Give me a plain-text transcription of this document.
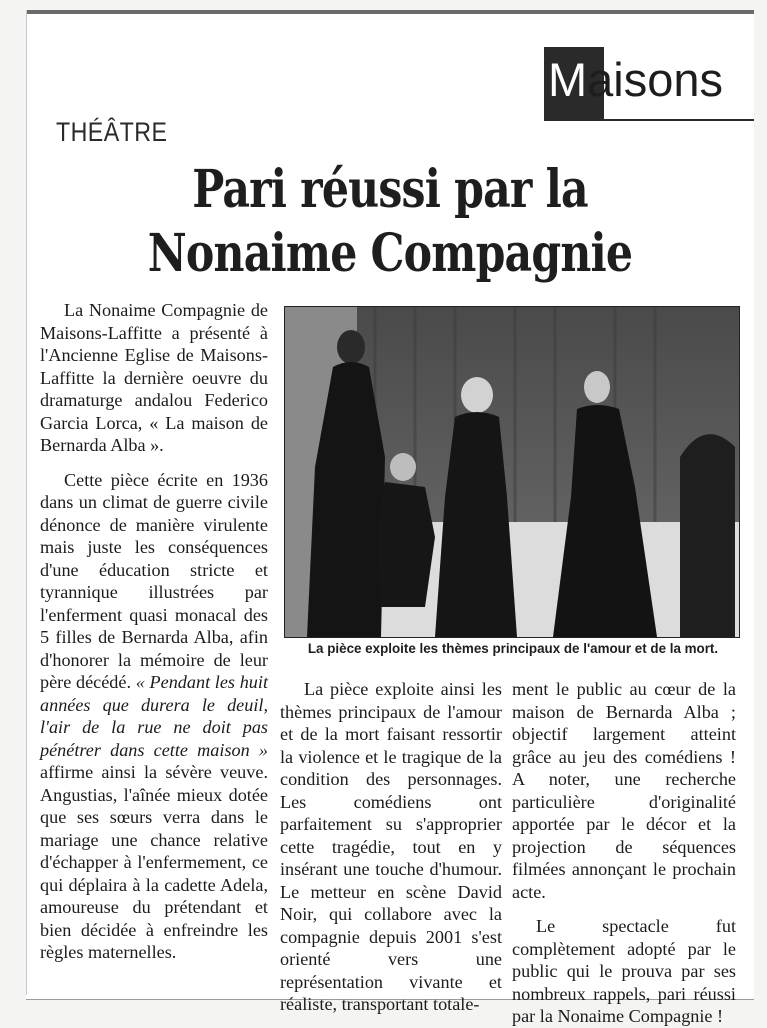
Maisons
THÉÂTRE
Pari réussi par la Nonaime Compagnie

La Nonaime Compagnie de Maisons-Laffitte a présenté à l'Ancienne Eglise de Maisons-Laffitte la dernière oeuvre du dramaturge andalou Federico Garcia Lorca, « La maison de Bernarda Alba ».

Cette pièce écrite en 1936 dans un climat de guerre civile dénonce de manière virulente mais juste les conséquences d'une éducation stricte et tyrannique illustrées par l'enferment quasi monacal des 5 filles de Bernarda Alba, afin d'honorer la mémoire de leur père décédé. « Pendant les huit années que durera le deuil, l'air de la rue ne doit pas pénétrer dans cette maison » affirme ainsi la sévère veuve. Angustias, l'aînée mieux dotée que ses sœurs verra dans le mariage une chance relative d'échapper à l'enfermement, ce qui déplaira à la cadette Adela, amoureuse du prétendant et bien décidée à enfreindre les règles maternelles.

La pièce exploite les thèmes principaux de l'amour et de la mort.

La pièce exploite ainsi les thèmes principaux de l'amour et de la mort faisant ressortir la violence et le tragique de la condition des personnages. Les comédiens ont parfaitement su s'approprier cette tragédie, tout en y insérant une touche d'humour. Le metteur en scène David Noir, qui collabore avec la compagnie depuis 2001 s'est orienté vers une représentation vivante et réaliste, transportant totale-

ment le public au cœur de la maison de Bernarda Alba ; objectif largement atteint grâce au jeu des comédiens ! A noter, une recherche particulière d'originalité apportée par le décor et la projection de séquences filmées annonçant le prochain acte.

Le spectacle fut complètement adopté par le public qui le prouva par ses nombreux rappels, pari réussi par la Nonaime Compagnie !
